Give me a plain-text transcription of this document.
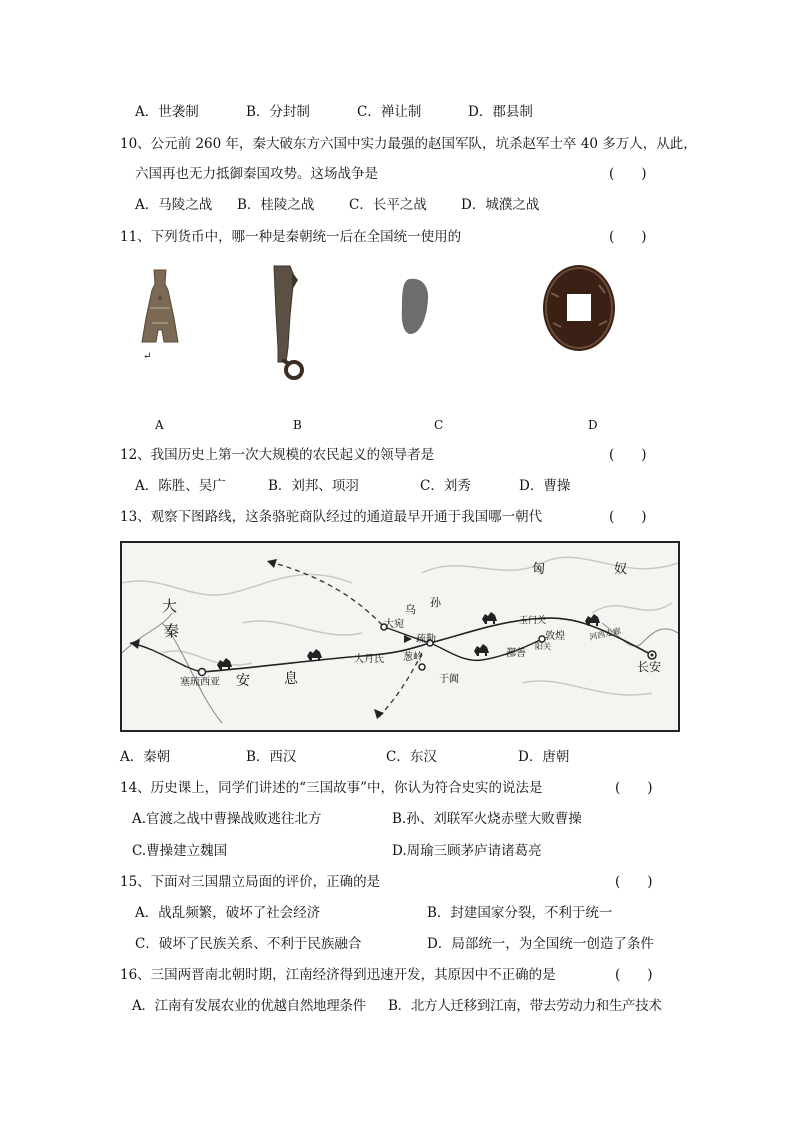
A．世袭制	B．分封制	C．禅让制	D．郡县制
10、公元前 260 年，秦大破东方六国中实力最强的赵国军队，坑杀赵军士卒 40 多万人，从此，
六国再也无力抵御秦国攻势。这场战争是	(　　)
A．马陵之战 B．桂陵之战	C．长平之战	D．城濮之战
11、下列货币中，哪一种是秦朝统一后在全国统一使用的	(　　)
↵
A	B	C	D
12、我国历史上第一次大规模的农民起义的领导者是	(　　)
A．陈胜、吴广	B．刘邦、项羽	C．刘秀	D．曹操
13、观察下图路线，这条骆驼商队经过的通道最早开通于我国哪一朝代	(　　)
匈	奴
乌
孙
大
秦
安 息
大宛
疏勒
大月氏 葱岭
玉门关
敦煌
阳关
鄯善
于阗
河西走廊
长安
塞琉西亚
A．秦朝	B．西汉	C．东汉	D．唐朝
14、历史课上，同学们讲述的“三国故事”中，你认为符合史实的说法是	(　　)
A.官渡之战中曹操战败逃往北方	B.孙、刘联军火烧赤壁大败曹操
C.曹操建立魏国	D.周瑜三顾茅庐请诸葛亮
15、下面对三国鼎立局面的评价，正确的是	(　　)
A．战乱频繁，破坏了社会经济	B．封建国家分裂，不利于统一
C．破坏了民族关系、不利于民族融合	D．局部统一，为全国统一创造了条件
16、三国两晋南北朝时期，江南经济得到迅速开发，其原因中不正确的是	(　　)
A．江南有发展农业的优越自然地理条件 B．北方人迁移到江南，带去劳动力和生产技术
